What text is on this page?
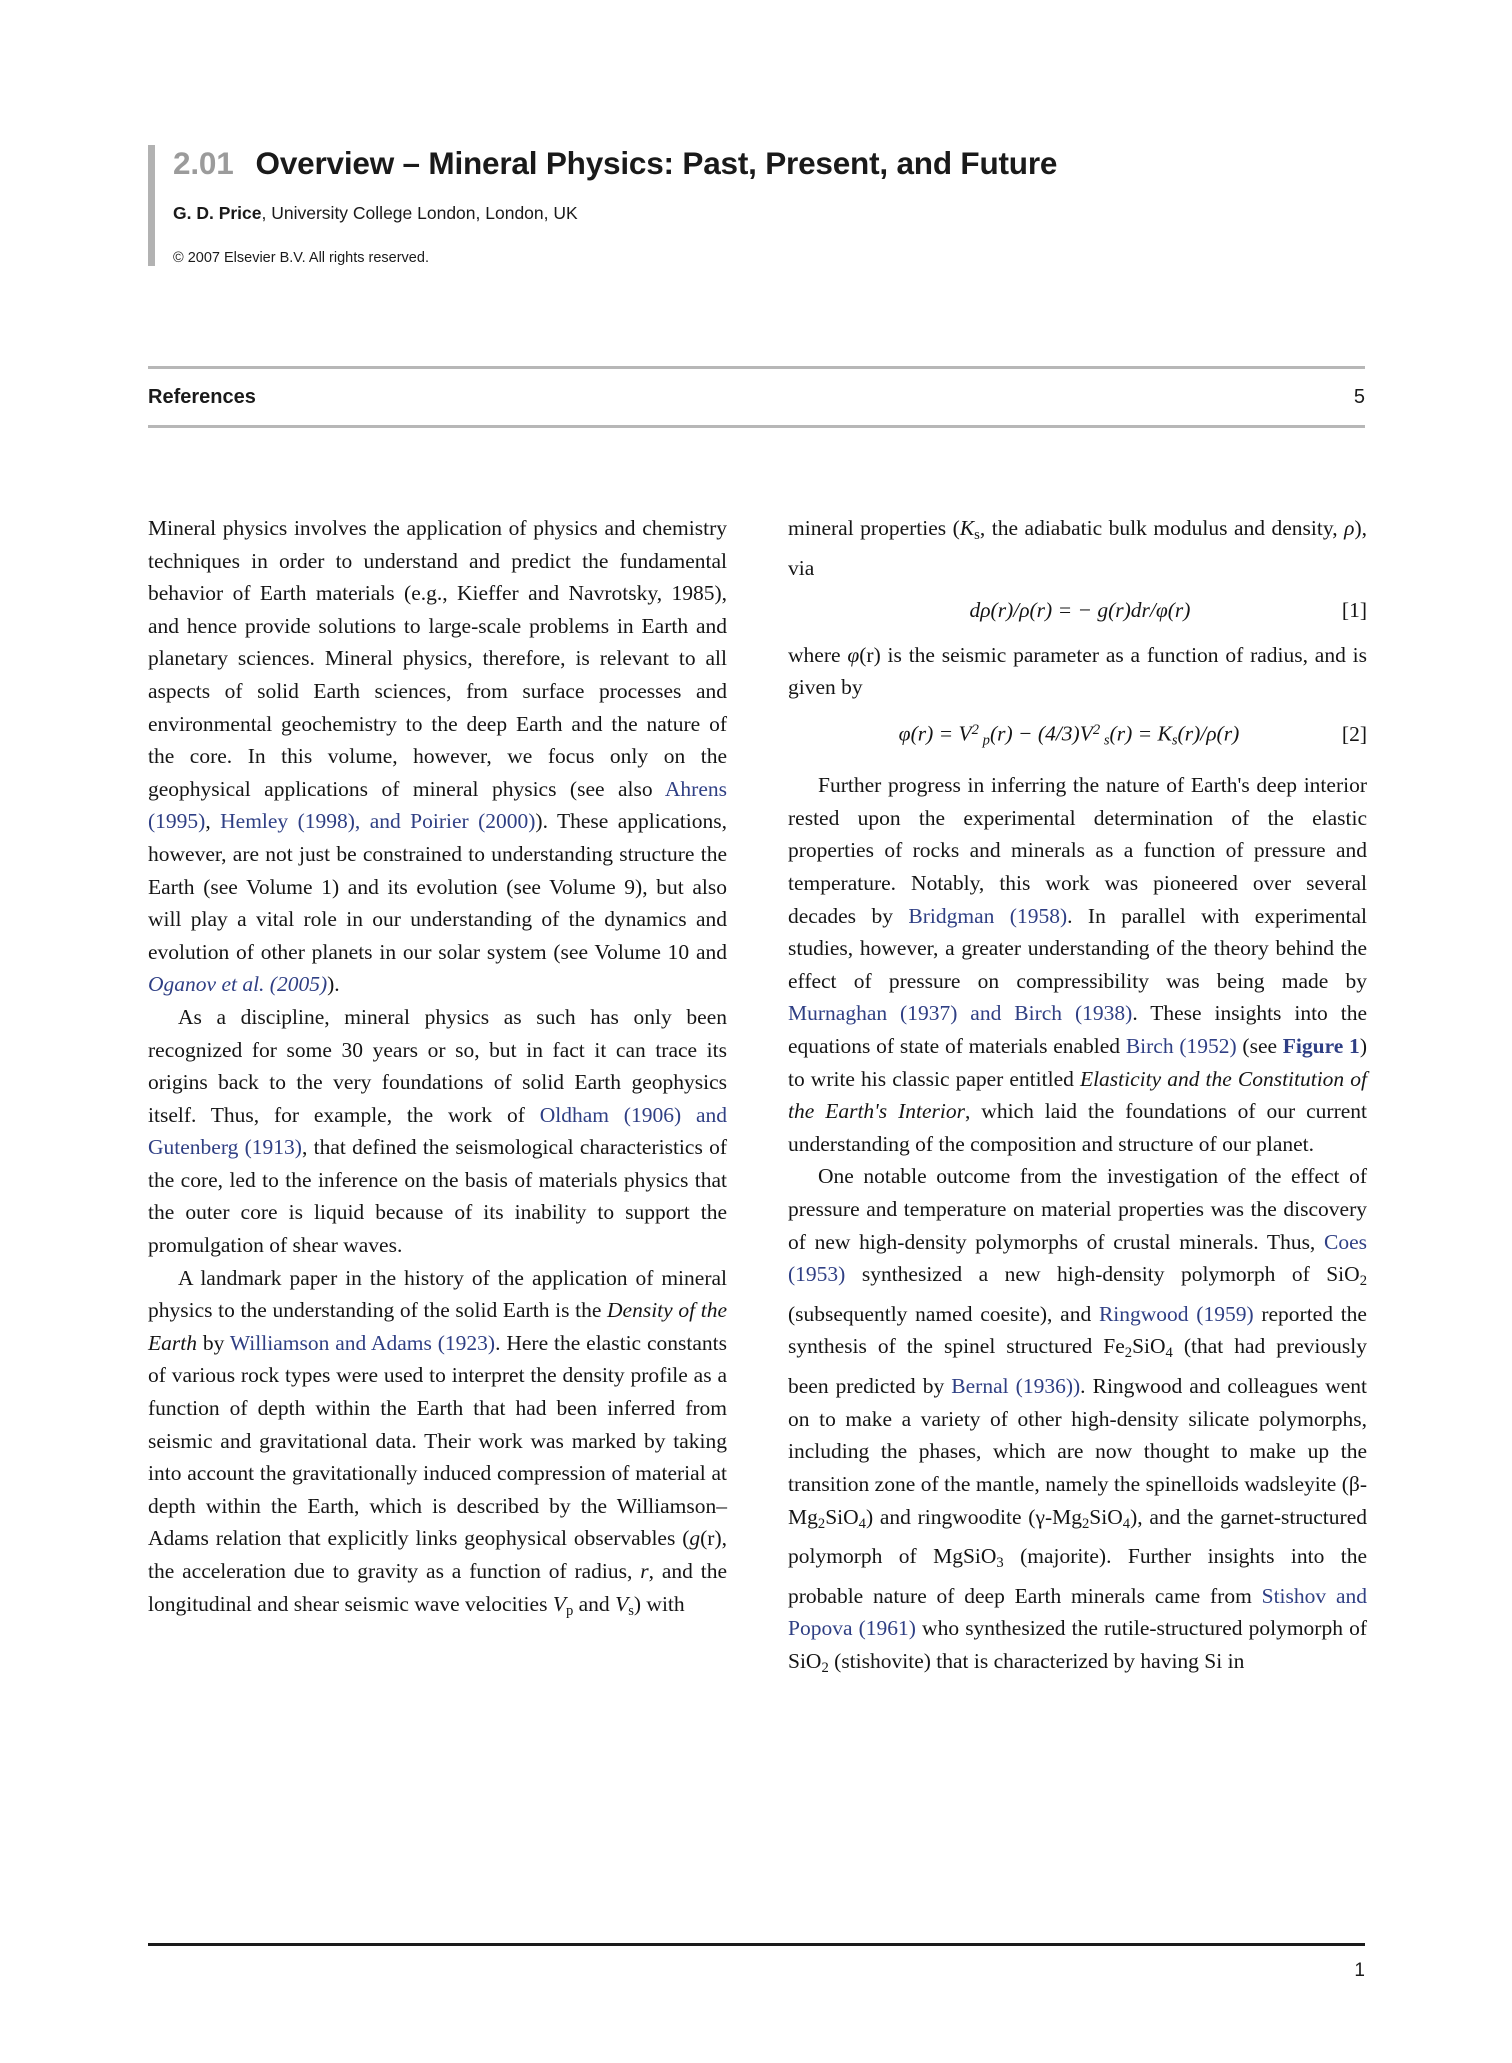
2.01 Overview – Mineral Physics: Past, Present, and Future
G. D. Price, University College London, London, UK
© 2007 Elsevier B.V. All rights reserved.
References	5

Mineral physics involves the application of physics and chemistry techniques in order to understand and predict the fundamental behavior of Earth materials (e.g., Kieffer and Navrotsky, 1985), and hence provide solutions to large-scale problems in Earth and planetary sciences. Mineral physics, therefore, is relevant to all aspects of solid Earth sciences, from surface processes and environmental geochemistry to the deep Earth and the nature of the core. In this volume, however, we focus only on the geophysical applications of mineral physics (see also Ahrens (1995), Hemley (1998), and Poirier (2000)). These applications, however, are not just be constrained to understanding structure the Earth (see Volume 1) and its evolution (see Volume 9), but also will play a vital role in our understanding of the dynamics and evolution of other planets in our solar system (see Volume 10 and Oganov et al. (2005)).

As a discipline, mineral physics as such has only been recognized for some 30 years or so, but in fact it can trace its origins back to the very foundations of solid Earth geophysics itself. Thus, for example, the work of Oldham (1906) and Gutenberg (1913), that defined the seismological characteristics of the core, led to the inference on the basis of materials physics that the outer core is liquid because of its inability to support the promulgation of shear waves.

A landmark paper in the history of the application of mineral physics to the understanding of the solid Earth is the Density of the Earth by Williamson and Adams (1923). Here the elastic constants of various rock types were used to interpret the density profile as a function of depth within the Earth that had been inferred from seismic and gravitational data. Their work was marked by taking into account the gravitationally induced compression of material at depth within the Earth, which is described by the Williamson–Adams relation that explicitly links geophysical observables (g(r), the acceleration due to gravity as a function of radius, r, and the longitudinal and shear seismic wave velocities $V_p$ and $V_s$) with

mineral properties ($K_s$, the adiabatic bulk modulus and density, ρ), via

dρ(r)/ρ(r) = − g(r)dr/φ(r)	[1]

where φ(r) is the seismic parameter as a function of radius, and is given by

$\varphi(r) = V^2$ $_p(r) - (4/3)V^2$ $_s(r) = K_s(r)/\rho(r)$	[2]

Further progress in inferring the nature of Earth's deep interior rested upon the experimental determination of the elastic properties of rocks and minerals as a function of pressure and temperature. Notably, this work was pioneered over several decades by Bridgman (1958). In parallel with experimental studies, however, a greater understanding of the theory behind the effect of pressure on compressibility was being made by Murnaghan (1937) and Birch (1938). These insights into the equations of state of materials enabled Birch (1952) (see Figure 1) to write his classic paper entitled Elasticity and the Constitution of the Earth's Interior, which laid the foundations of our current understanding of the composition and structure of our planet.

One notable outcome from the investigation of the effect of pressure and temperature on material properties was the discovery of new high-density polymorphs of crustal minerals. Thus, Coes (1953) synthesized a new high-density polymorph of SiO$_2$ (subsequently named coesite), and Ringwood (1959) reported the synthesis of the spinel structured $Fe_2SiO_4$ (that had previously been predicted by Bernal (1936)). Ringwood and colleagues went on to make a variety of other high-density silicate polymorphs, including the phases, which are now thought to make up the transition zone of the mantle, namely the spinelloids wadsleyite $(\beta-Mg_2SiO_4)$ and ringwoodite $(\gamma-Mg_2SiO_4)$, and the garnet-structured polymorph of MgSiO$_3$ (majorite). Further insights into the probable nature of deep Earth minerals came from Stishov and Popova (1961) who synthesized the rutile-structured polymorph of SiO$_2$ (stishovite) that is characterized by having Si in

1
